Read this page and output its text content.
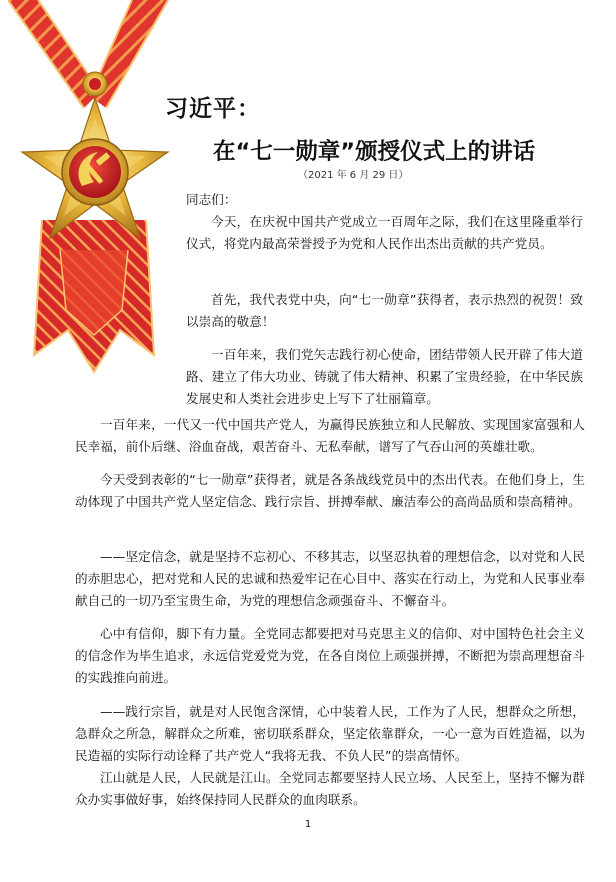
习近平：
在“七一勋章”颁授仪式上的讲话
（2021 年 6 月 29 日）

同志们：

今天，在庆祝中国共产党成立一百周年之际，我们在这里隆重举行仪式，将党内最高荣誉授予为党和人民作出杰出贡献的共产党员。

首先，我代表党中央，向“七一勋章”获得者，表示热烈的祝贺！致以崇高的敬意！

一百年来，我们党矢志践行初心使命，团结带领人民开辟了伟大道路、建立了伟大功业、铸就了伟大精神、积累了宝贵经验，在中华民族发展史和人类社会进步史上写下了壮丽篇章。

一百年来，一代又一代中国共产党人，为赢得民族独立和人民解放、实现国家富强和人民幸福，前仆后继、浴血奋战，艰苦奋斗、无私奉献，谱写了气吞山河的英雄壮歌。

今天受到表彰的“七一勋章”获得者，就是各条战线党员中的杰出代表。在他们身上，生动体现了中国共产党人坚定信念、践行宗旨、拼搏奉献、廉洁奉公的高尚品质和崇高精神。

——坚定信念，就是坚持不忘初心、不移其志，以坚忍执着的理想信念，以对党和人民的赤胆忠心，把对党和人民的忠诚和热爱牢记在心目中、落实在行动上，为党和人民事业奉献自己的一切乃至宝贵生命，为党的理想信念顽强奋斗、不懈奋斗。

心中有信仰，脚下有力量。全党同志都要把对马克思主义的信仰、对中国特色社会主义的信念作为毕生追求，永远信党爱党为党，在各自岗位上顽强拼搏，不断把为崇高理想奋斗的实践推向前进。

——践行宗旨，就是对人民饱含深情，心中装着人民，工作为了人民，想群众之所想，急群众之所急，解群众之所难，密切联系群众，坚定依靠群众，一心一意为百姓造福，以为民造福的实际行动诠释了共产党人“我将无我、不负人民”的崇高情怀。

江山就是人民，人民就是江山。全党同志都要坚持人民立场、人民至上，坚持不懈为群众办实事做好事，始终保持同人民群众的血肉联系。

1
